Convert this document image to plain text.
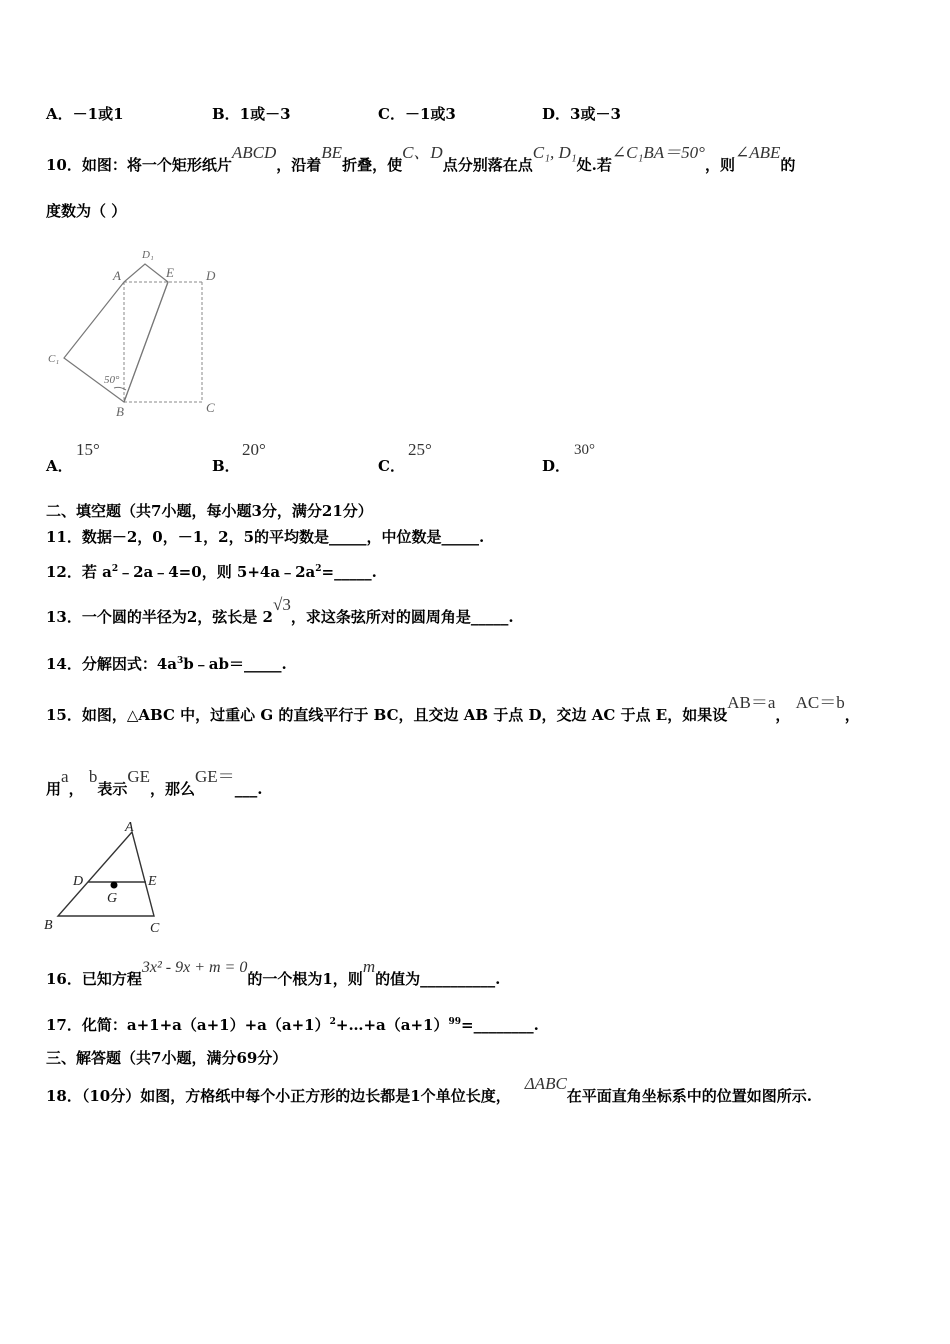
A．－1或1	B．1或－3	C．－1或3	D．3或－3
10．如图：将一个矩形纸片ABCD，沿着BE折叠，使C、D点分别落在点C₁, D₁处.若∠C₁BA＝50°，则∠ABE的
度数为（ ）
A
D₁
E D
C₁
50°
B	C
A．
15°
B．
20°
C．
25°
D．
30°
二、填空题（共7小题，每小题3分，满分21分）
11．数据－2，0，－1，2，5的平均数是_____，中位数是_____.
12．若 $a^2﹣2a﹣4=0$，则 $5+4a﹣2a^2=\_\_\_\_\_$.
13．一个圆的半径为2，弦长是 2√3，求这条弦所对的圆周角是_____.
14．分解因式：$4a^3b﹣ab=\_\_\_\_\_$.
15．如图，△ABC 中，过重心 G 的直线平行于 BC，且交边 AB 于点 D，交边 AC 于点 E，如果设AB＝a， AC＝b，
用a， b表示GE，那么GE＝___.
A
D	E
G
B	C
16．已知方程3x² - 9x + m = 0的一个根为1，则m的值为__________.
17．化简：$a+1+a(a+1)+a(a+1)^2+\dots+a(a+1)^{99}=\_\_\_\_\_\_\_\_$.
三、解答题（共7小题，满分69分）
18．（10分）如图，方格纸中每个小正方形的边长都是1个单位长度，ΔABC在平面直角坐标系中的位置如图所示.
